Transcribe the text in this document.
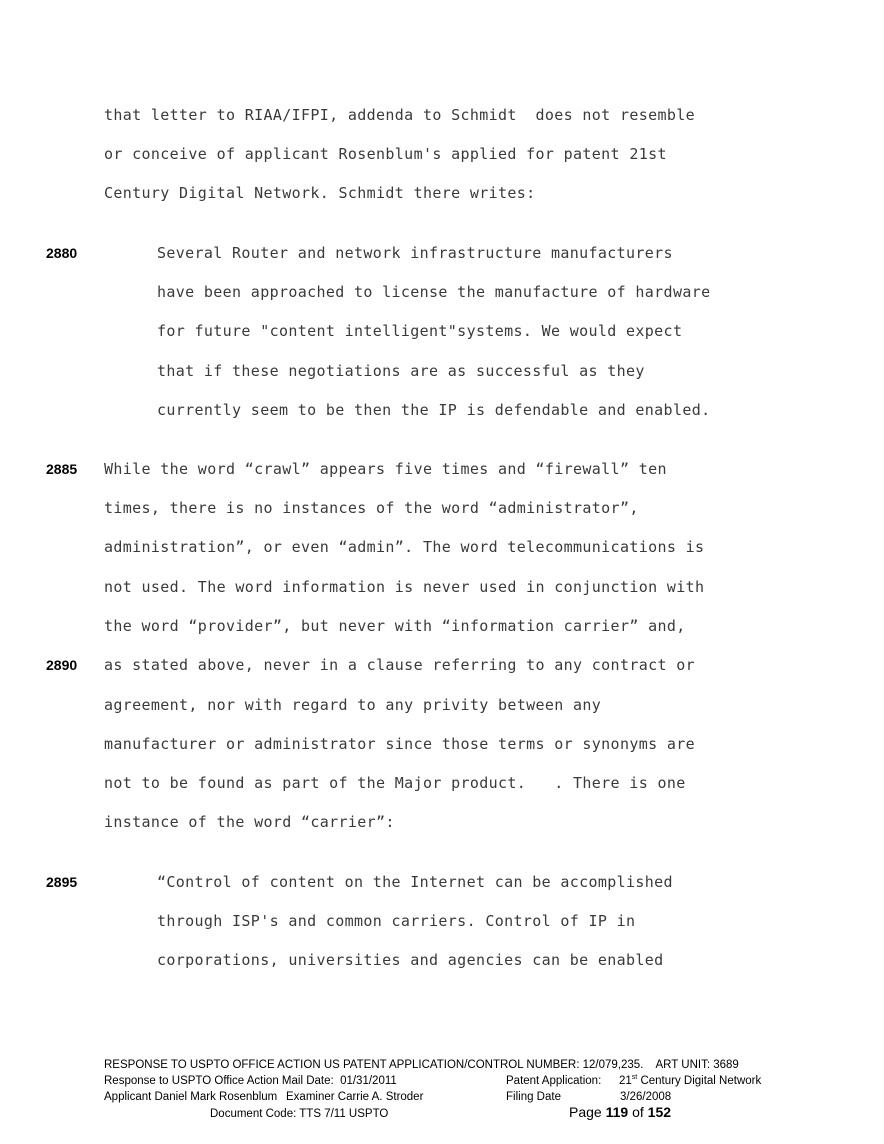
that letter to RIAA/IFPI, addenda to Schmidt  does not resemble
or conceive of applicant Rosenblum's applied for patent 21st
Century Digital Network. Schmidt there writes:
2880	Several Router and network infrastructure manufacturers
have been approached to license the manufacture of hardware
for future "content intelligent"systems. We would expect
that if these negotiations are as successful as they
currently seem to be then the IP is defendable and enabled.
2885 While the word “crawl” appears five times and “firewall” ten
times, there is no instances of the word “administrator”,
administration”, or even “admin”. The word telecommunications is
not used. The word information is never used in conjunction with
the word “provider”, but never with “information carrier” and,
2890 as stated above, never in a clause referring to any contract or
agreement, nor with regard to any privity between any
manufacturer or administrator since those terms or synonyms are
not to be found as part of the Major product.   . There is one
instance of the word “carrier”:
2895	“Control of content on the Internet can be accomplished
through ISP's and common carriers. Control of IP in
corporations, universities and agencies can be enabled
RESPONSE TO USPTO OFFICE ACTION US PATENT APPLICATION/CONTROL NUMBER: 12/079,235.    ART UNIT: 3689
Response to USPTO Office Action Mail Date:  01/31/2011	Patent Application: 21st Century Digital Network
Applicant Daniel Mark Rosenblum Examiner Carrie A. Stroder	Filing Date	3/26/2008
Document Code: TTS 7/11 USPTO	Page 119 of 152
